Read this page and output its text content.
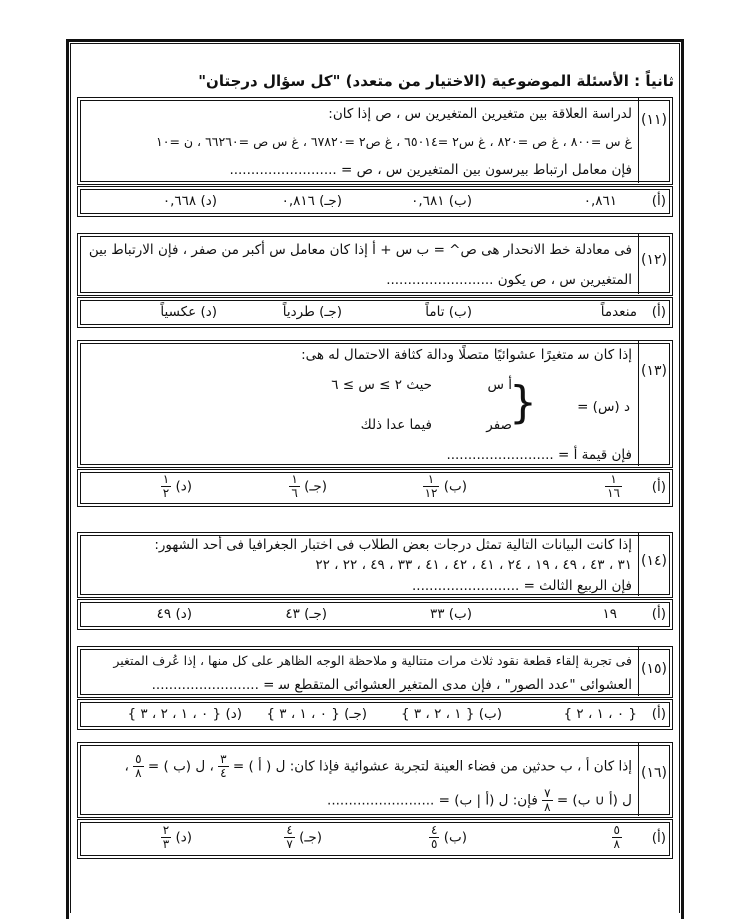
ثانياً : الأسئلة الموضوعية (الاختيار من متعدد) "كل سؤال درجتان"
(١١)
لدراسة العلاقة بين متغيرين المتغيرين س ، ص إذا كان:
ﻍ س =٨٠٠ ، ﻍ ص =٨٢٠ ، ﻍ س٢ =٦٥٠١٤ ، ﻍ ص٢ =٦٧٨٢٠ ، ﻍ س ص =٦٦٢٦٠ ، ن =١٠
فإن معامل ارتباط بيرسون بين المتغيرين س ، ص = .........................
(أ)
٠,٨٦١
(ب) ٠,٦٨١
(جـ) ٠,٨١٦
(د) ٠,٦٦٨
(١٢)
فى معادلة خط الانحدار هى ص^ = ب س + أ إذا كان معامل س أكبر من صفر ، فإن الارتباط بين
المتغيرين س ، ص يكون .........................
(أ)
منعدماً
(ب) تاماً
(جـ) طردياً
(د) عكسياً
(١٣)
إذا كان ﺳ متغيرًا عشوائيًا متصلًا ودالة كثافة الاحتمال له هى:
د (س) =
{
أ س
حيث ٢ ≥ س ≥ ٦
صفر
فيما عدا ذلك
فإن قيمة أ = .........................
(أ)
$\frac{١}{١٦}$
(ب)
$\frac{١}{١٢}$
(جـ)
$\frac{١}{٦}$
(د)
$\frac{١}{٢}$
(١٤)
إذا كانت البيانات التالية تمثل درجات بعض الطلاب فى اختبار الجغرافيا فى أحد الشهور:
٣١ ، ٤٣ ، ٤٩ ، ١٩ ، ٢٤ ، ٤١ ، ٤٢ ، ٤١ ، ٣٣ ، ٤٩ ، ٢٢ ، ٢٢
فإن الربيع الثالث = .........................
(أ)
١٩
(ب) ٣٣
(جـ) ٤٣
(د) ٤٩
(١٥)
فى تجربة إلقاء قطعة نقود ثلاث مرات متتالية و ملاحظة الوجه الظاهر على كل منها ، إذا عُرف المتغير
العشوائى "عدد الصور" ، فإن مدى المتغير العشوائى المتقطع ﺳ = .........................
(أ)
{ ٠ ، ١ ، ٢ }
(ب) { ١ ، ٢ ، ٣ }
(جـ) { ٠ ، ١ ، ٣ }
(د) { ٠ ، ١ ، ٢ ، ٣ }
(١٦)
إذا كان أ ، ب حدثين من فضاء العينة لتجربة عشوائية فإذا كان: ل ( أ ) =
$\frac{٣}{٤}$
، ل (ب ) =
$\frac{٥}{٨}$
،
ل (أ ∪ ب) =
$\frac{٧}{٨}$
فإن: ل (أ | ب) = .........................
(أ)
$\frac{٥}{٨}$
(ب)
$\frac{٤}{٥}$
(جـ)
$\frac{٤}{٧}$
(د)
$\frac{٢}{٣}$
